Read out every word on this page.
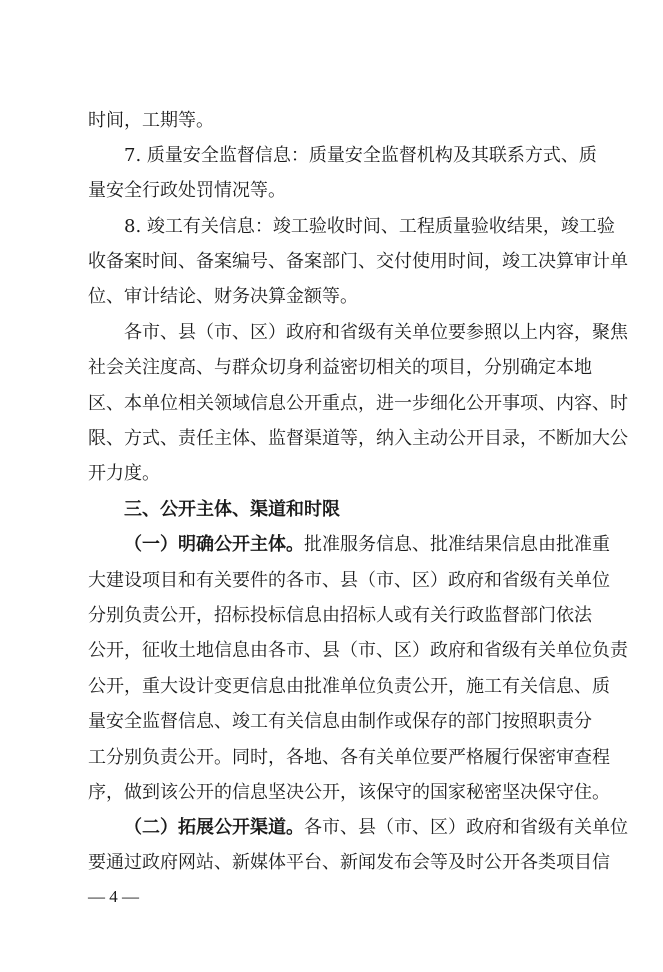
时间，工期等。
7. 质量安全监督信息：质量安全监督机构及其联系方式、质
量安全行政处罚情况等。
8. 竣工有关信息：竣工验收时间、工程质量验收结果，竣工验
收备案时间、备案编号、备案部门、交付使用时间，竣工决算审计单
位、审计结论、财务决算金额等。
各市、县（市、区）政府和省级有关单位要参照以上内容，聚焦
社会关注度高、与群众切身利益密切相关的项目，分别确定本地
区、本单位相关领域信息公开重点，进一步细化公开事项、内容、时
限、方式、责任主体、监督渠道等，纳入主动公开目录，不断加大公
开力度。
三、公开主体、渠道和时限
（一）明确公开主体。批准服务信息、批准结果信息由批准重
大建设项目和有关要件的各市、县（市、区）政府和省级有关单位
分别负责公开，招标投标信息由招标人或有关行政监督部门依法
公开，征收土地信息由各市、县（市、区）政府和省级有关单位负责
公开，重大设计变更信息由批准单位负责公开，施工有关信息、质
量安全监督信息、竣工有关信息由制作或保存的部门按照职责分
工分别负责公开。同时，各地、各有关单位要严格履行保密审查程
序，做到该公开的信息坚决公开，该保守的国家秘密坚决保守住。
（二）拓展公开渠道。各市、县（市、区）政府和省级有关单位
要通过政府网站、新媒体平台、新闻发布会等及时公开各类项目信
— 4 —
